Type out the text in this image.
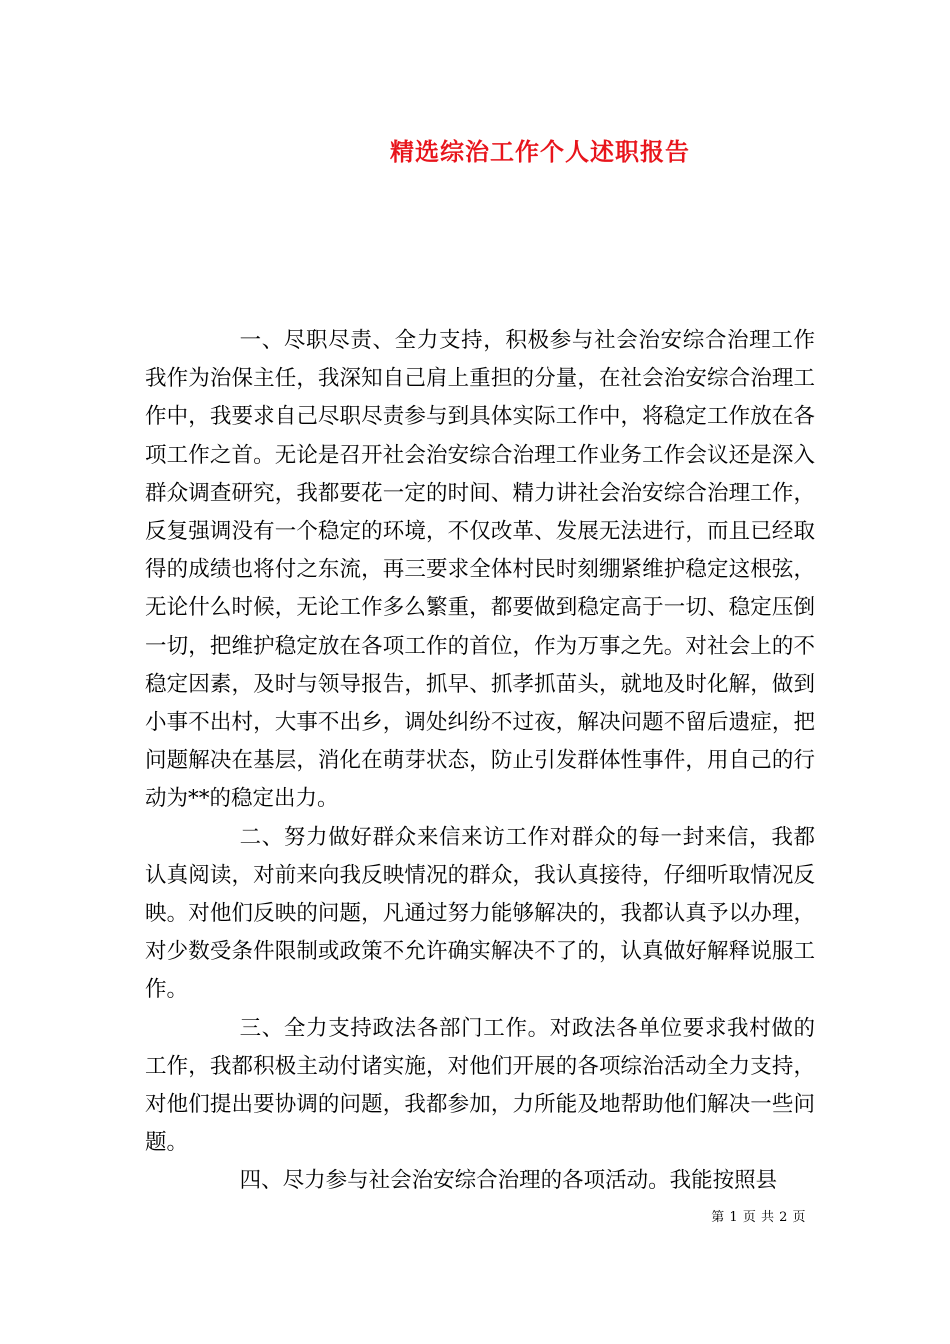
精选综治工作个人述职报告

一、尽职尽责、全力支持，积极参与社会治安综合治理工作我作为治保主任，我深知自己肩上重担的分量，在社会治安综合治理工作中，我要求自己尽职尽责参与到具体实际工作中，将稳定工作放在各项工作之首。无论是召开社会治安综合治理工作业务工作会议还是深入群众调查研究，我都要花一定的时间、精力讲社会治安综合治理工作，反复强调没有一个稳定的环境，不仅改革、发展无法进行，而且已经取得的成绩也将付之东流，再三要求全体村民时刻绷紧维护稳定这根弦，无论什么时候，无论工作多么繁重，都要做到稳定高于一切、稳定压倒一切，把维护稳定放在各项工作的首位，作为万事之先。对社会上的不稳定因素，及时与领导报告，抓早、抓孝抓苗头，就地及时化解，做到小事不出村，大事不出乡，调处纠纷不过夜，解决问题不留后遗症，把问题解决在基层，消化在萌芽状态，防止引发群体性事件，用自己的行动为**的稳定出力。

二、努力做好群众来信来访工作对群众的每一封来信，我都认真阅读，对前来向我反映情况的群众，我认真接待，仔细听取情况反映。对他们反映的问题，凡通过努力能够解决的，我都认真予以办理，对少数受条件限制或政策不允许确实解决不了的，认真做好解释说服工作。

三、全力支持政法各部门工作。对政法各单位要求我村做的工作，我都积极主动付诸实施，对他们开展的各项综治活动全力支持，对他们提出要协调的问题，我都参加，力所能及地帮助他们解决一些问题。

四、尽力参与社会治安综合治理的各项活动。我能按照县

第 1 页 共 2 页
